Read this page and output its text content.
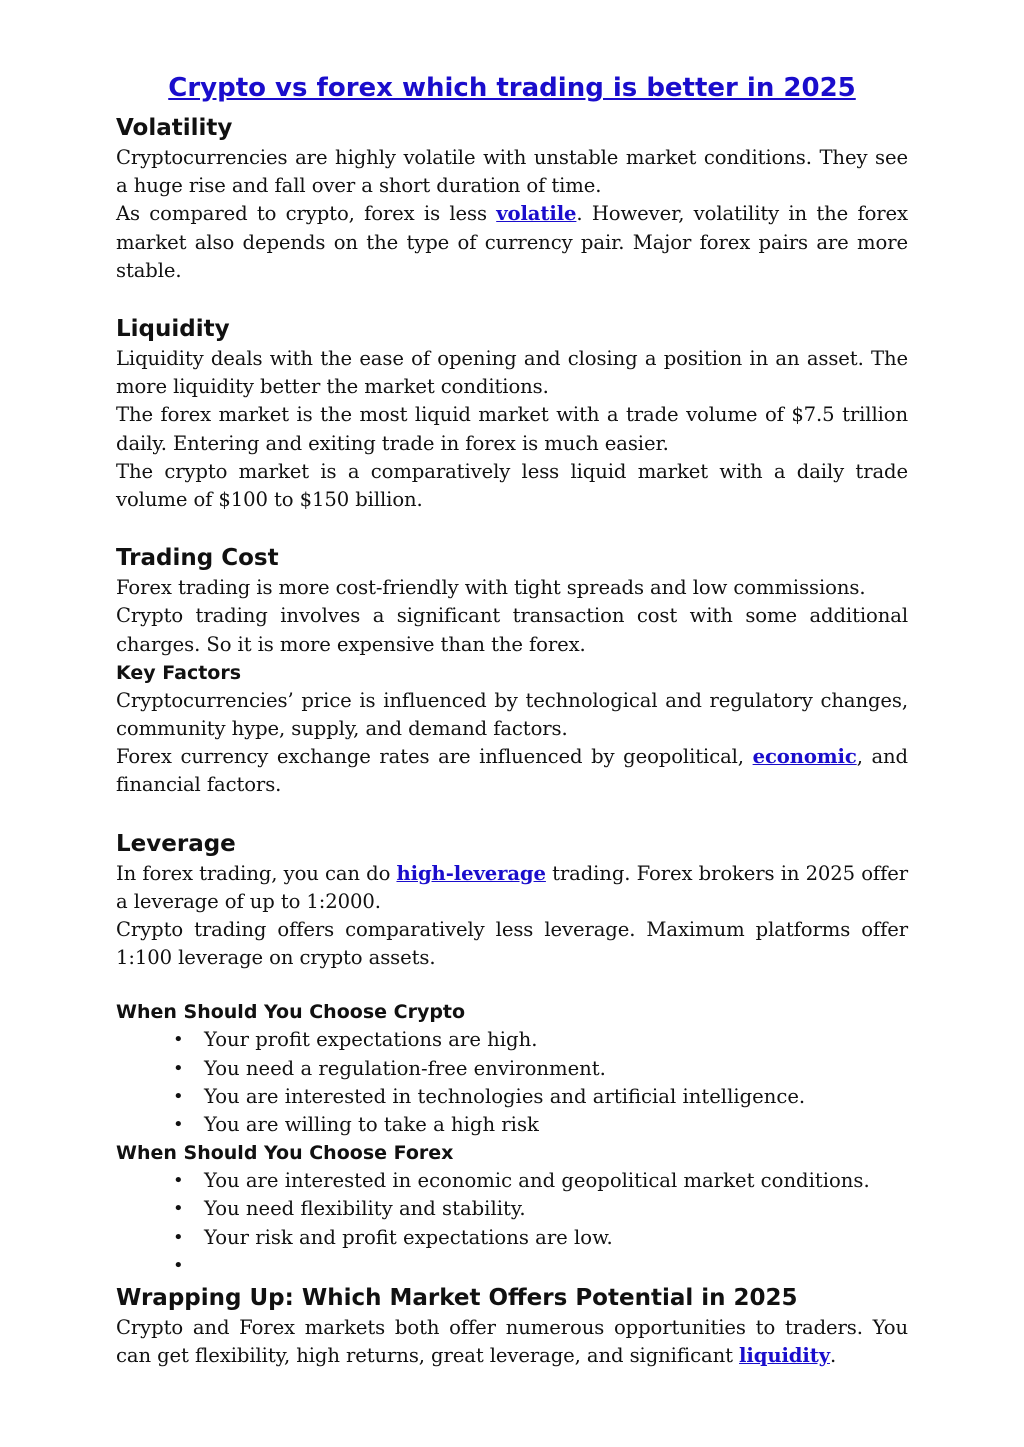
Crypto vs forex which trading is better in 2025
Volatility

Cryptocurrencies are highly volatile with unstable market conditions. They see a huge rise and fall over a short duration of time.

As compared to crypto, forex is less volatile. However, volatility in the forex market also depends on the type of currency pair. Major forex pairs are more stable.

Liquidity

Liquidity deals with the ease of opening and closing a position in an asset. The more liquidity better the market conditions.

The forex market is the most liquid market with a trade volume of $7.5 trillion daily. Entering and exiting trade in forex is much easier.

The crypto market is a comparatively less liquid market with a daily trade volume of $100 to $150 billion.

Trading Cost

Forex trading is more cost-friendly with tight spreads and low commissions.

Crypto trading involves a significant transaction cost with some additional charges. So it is more expensive than the forex.

Key Factors

Cryptocurrencies’ price is influenced by technological and regulatory changes, community hype, supply, and demand factors.

Forex currency exchange rates are influenced by geopolitical, economic, and financial factors.

Leverage

In forex trading, you can do high-leverage trading. Forex brokers in 2025 offer a leverage of up to 1:2000.

Crypto trading offers comparatively less leverage. Maximum platforms offer 1:100 leverage on crypto assets.

When Should You Choose Crypto
• Your profit expectations are high.
• You need a regulation-free environment.
• You are interested in technologies and artificial intelligence.
• You are willing to take a high risk
When Should You Choose Forex
• You are interested in economic and geopolitical market conditions.
• You need flexibility and stability.
• Your risk and profit expectations are low.
•
Wrapping Up: Which Market Offers Potential in 2025

Crypto and Forex markets both offer numerous opportunities to traders. You can get flexibility, high returns, great leverage, and significant liquidity.
